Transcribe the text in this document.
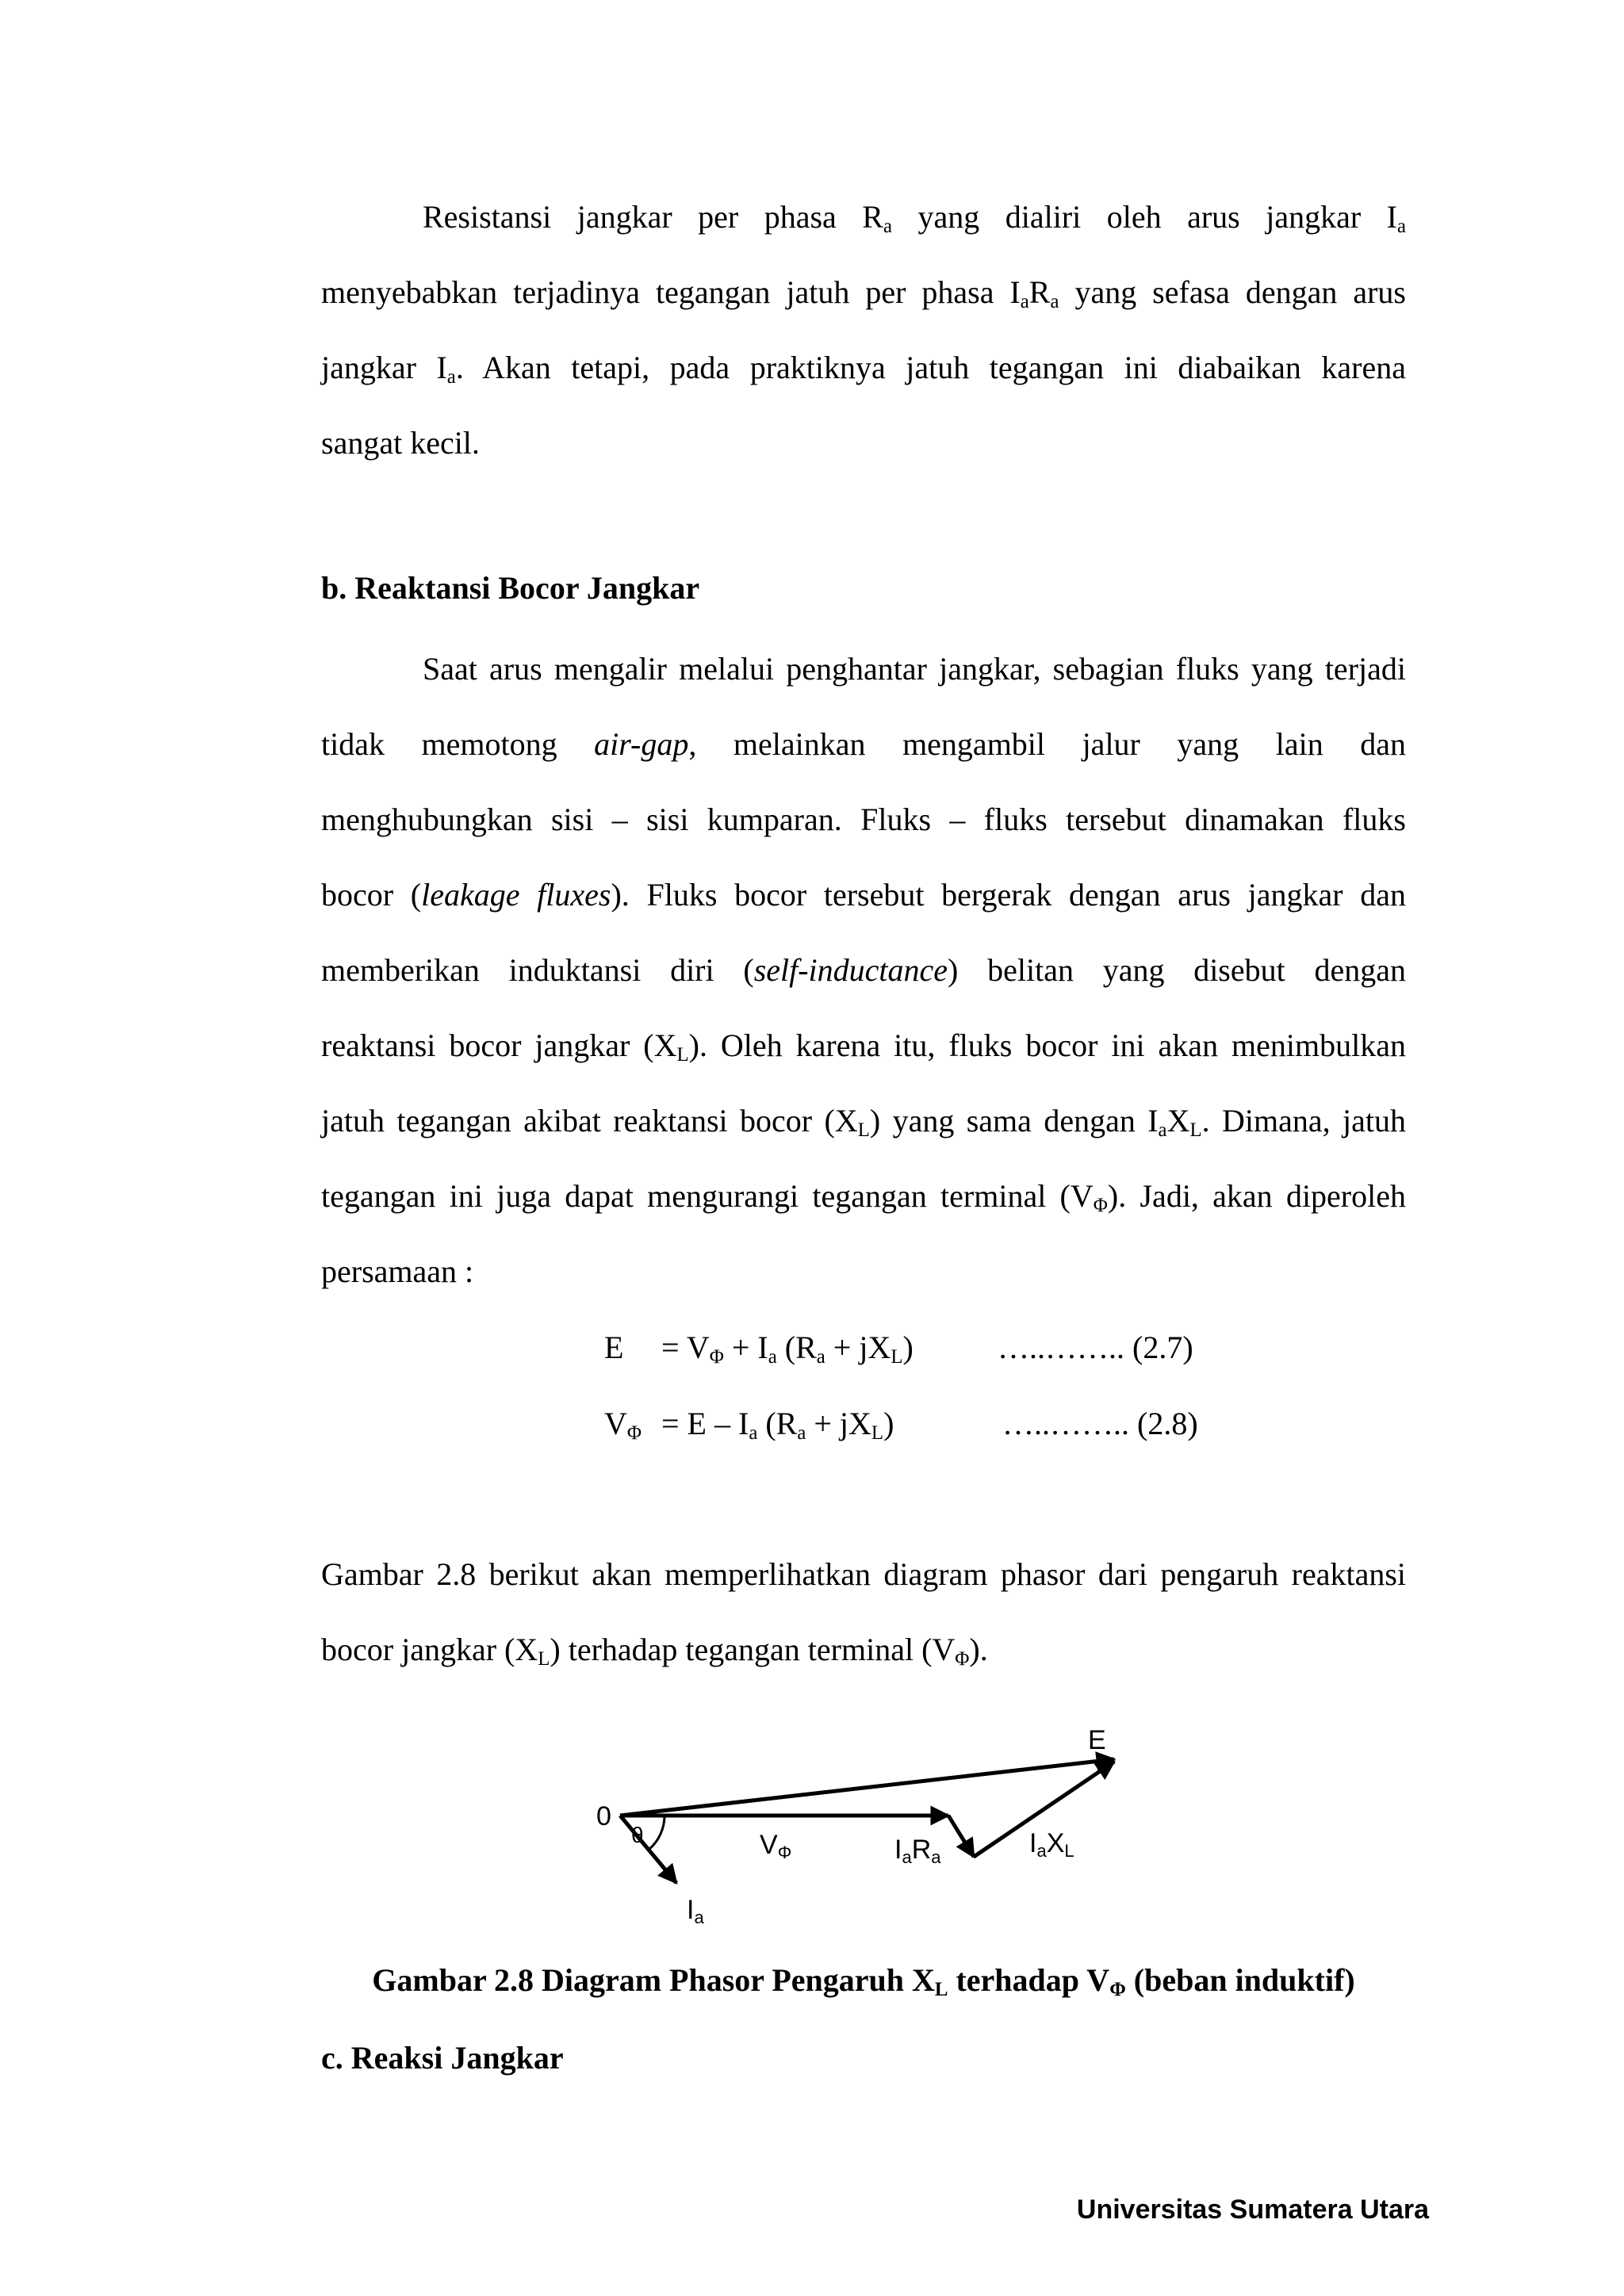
Resistansi jangkar per phasa $R_a$ yang dialiri oleh arus jangkar $I_a$

menyebabkan terjadinya tegangan jatuh per phasa $I_aR_a$ yang sefasa dengan arus

jangkar $I_a$. Akan tetapi, pada praktiknya jatuh tegangan ini diabaikan karena

sangat kecil.

b. Reaktansi Bocor Jangkar

Saat arus mengalir melalui penghantar jangkar, sebagian fluks yang terjadi

tidak memotong air-gap, melainkan mengambil jalur yang lain dan

menghubungkan sisi – sisi kumparan. Fluks – fluks tersebut dinamakan fluks

bocor (leakage fluxes). Fluks bocor tersebut bergerak dengan arus jangkar dan

memberikan induktansi diri (self-inductance) belitan yang disebut dengan

reaktansi bocor jangkar $(X_L)$. Oleh karena itu, fluks bocor ini akan menimbulkan

jatuh tegangan akibat reaktansi bocor $(X_L)$ yang sama dengan $I_aX_L$. Dimana, jatuh

tegangan ini juga dapat mengurangi tegangan terminal $(V_\Phi)$. Jadi, akan diperoleh

persamaan :

$E = V_\Phi + I_a$ $(R_a + jX_L)$	…..…….. (2.7)
$V_\Phi = E - I_a$ $(R_a + jX_L)$	…..…….. (2.8)

Gambar 2.8 berikut akan memperlihatkan diagram phasor dari pengaruh reaktansi

bocor jangkar $(X_L)$ terhadap tegangan terminal $(V_\Phi)$.

0
θ	VΦ	IaRa	IaXL
E
Ia
Gambar 2.8 Diagram Phasor Pengaruh $X_L$ terhadap $V_\Phi$ (beban induktif)
c. Reaksi Jangkar
Universitas Sumatera Utara
